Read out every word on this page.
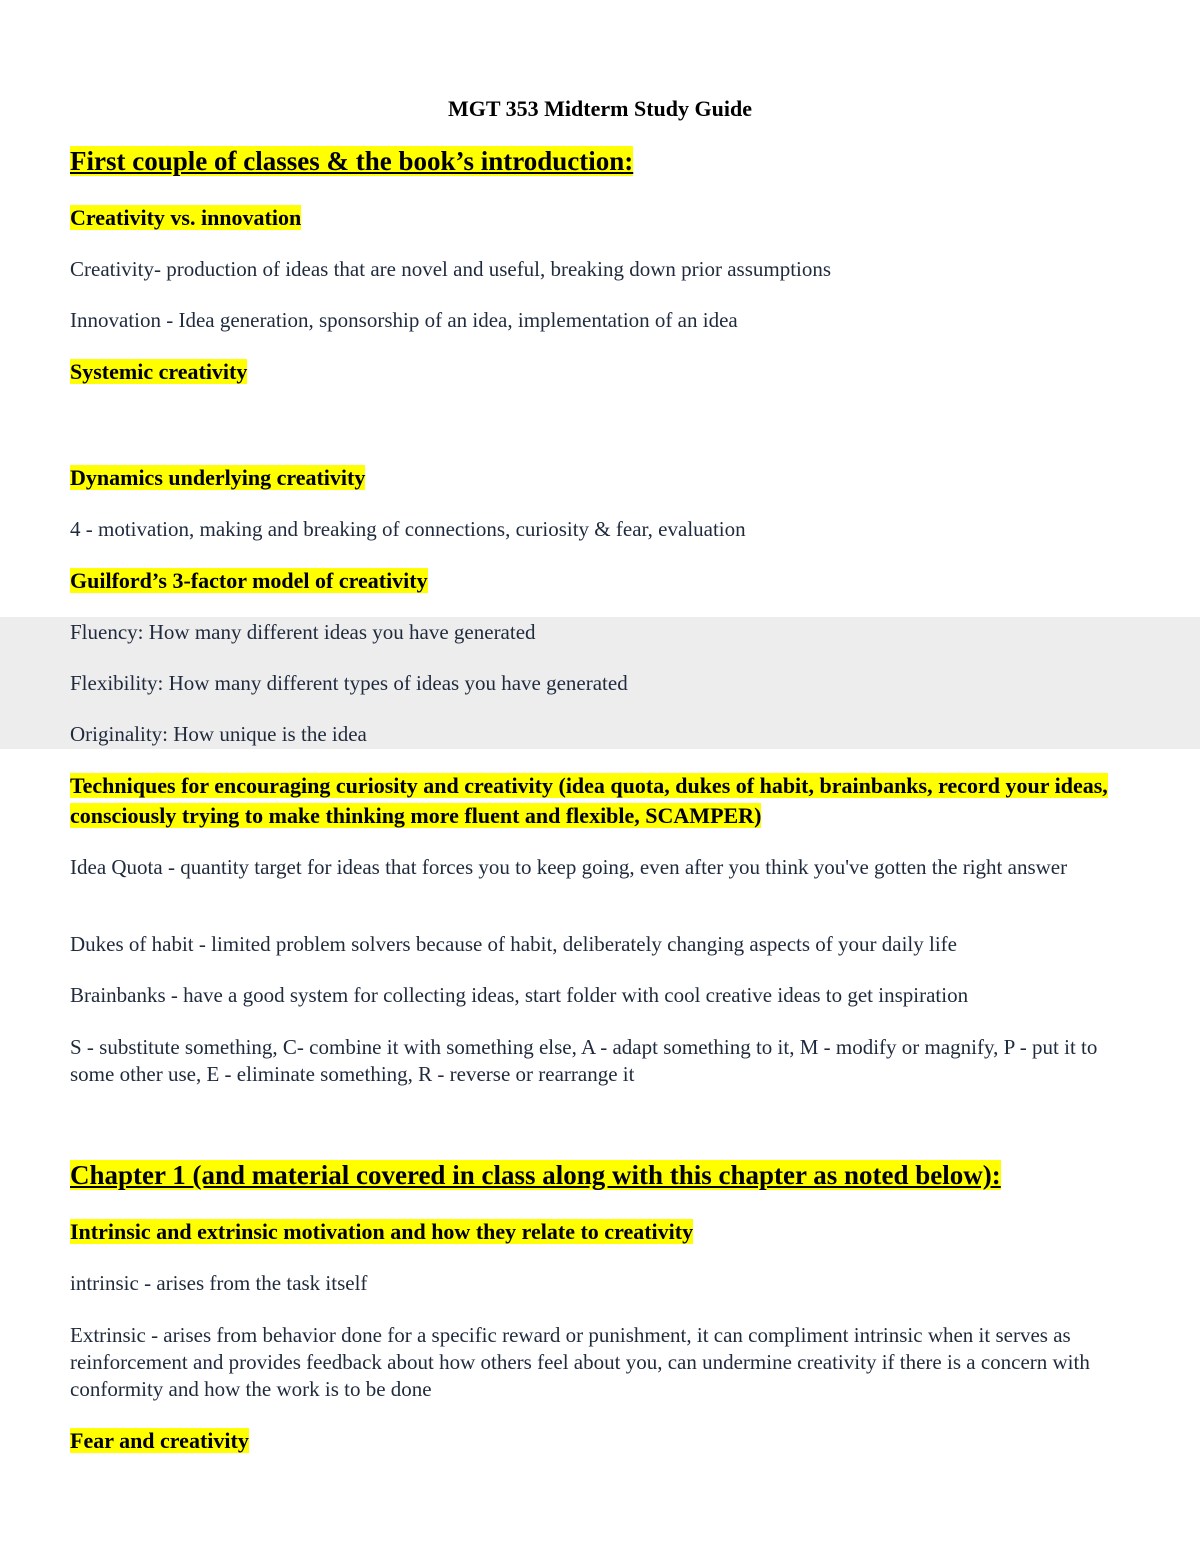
MGT 353 Midterm Study Guide

First couple of classes & the book’s introduction:

Creativity vs. innovation

Creativity- production of ideas that are novel and useful, breaking down prior assumptions

Innovation - Idea generation, sponsorship of an idea, implementation of an idea

Systemic creativity

Dynamics underlying creativity

4 - motivation, making and breaking of connections, curiosity & fear, evaluation

Guilford’s 3-factor model of creativity

Fluency: How many different ideas you have generated

Flexibility: How many different types of ideas you have generated

Originality: How unique is the idea

Techniques for encouraging curiosity and creativity (idea quota, dukes of habit, brainbanks, record your ideas, consciously trying to make thinking more fluent and flexible, SCAMPER)

Idea Quota - quantity target for ideas that forces you to keep going, even after you think you've gotten the right answer

Dukes of habit - limited problem solvers because of habit, deliberately changing aspects of your daily life

Brainbanks - have a good system for collecting ideas, start folder with cool creative ideas to get inspiration

S - substitute something, C- combine it with something else, A - adapt something to it, M - modify or magnify, P - put it to some other use, E - eliminate something, R - reverse or rearrange it

Chapter 1 (and material covered in class along with this chapter as noted below):

Intrinsic and extrinsic motivation and how they relate to creativity

intrinsic - arises from the task itself

Extrinsic - arises from behavior done for a specific reward or punishment, it can compliment intrinsic when it serves as reinforcement and provides feedback about how others feel about you, can undermine creativity if there is a concern with conformity and how the work is to be done

Fear and creativity
